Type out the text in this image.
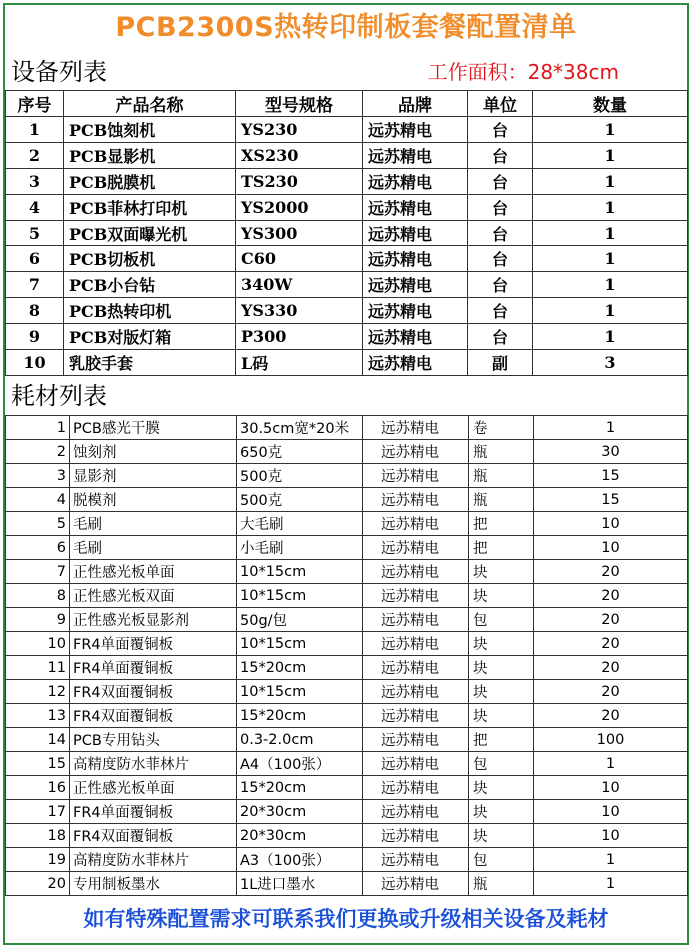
PCB2300S热转印制板套餐配置清单
设备列表	工作面积：28*38cm
序号	产品名称	型号规格	品牌	单位	数量
1	PCB蚀刻机	YS230	远苏精电	台	1
2	PCB显影机	XS230	远苏精电	台	1
3	PCB脱膜机	TS230	远苏精电	台	1
4	PCB菲林打印机	YS2000	远苏精电	台	1
5	PCB双面曝光机	YS300	远苏精电	台	1
6	PCB切板机	C60	远苏精电	台	1
7	PCB小台钻	340W	远苏精电	台	1
8	PCB热转印机	YS330	远苏精电	台	1
9	PCB对版灯箱	P300	远苏精电	台	1
10	乳胶手套	L码	远苏精电	副	3
耗材列表
1	PCB感光干膜	30.5cm宽*20米	远苏精电	卷	1
2	蚀刻剂	650克	远苏精电	瓶	30
3	显影剂	500克	远苏精电	瓶	15
4	脱模剂	500克	远苏精电	瓶	15
5	毛刷	大毛刷	远苏精电	把	10
6	毛刷	小毛刷	远苏精电	把	10
7	正性感光板单面	10*15cm	远苏精电	块	20
8	正性感光板双面	10*15cm	远苏精电	块	20
9	正性感光板显影剂	50g/包	远苏精电	包	20
10	FR4单面覆铜板	10*15cm	远苏精电	块	20
11	FR4单面覆铜板	15*20cm	远苏精电	块	20
12	FR4双面覆铜板	10*15cm	远苏精电	块	20
13	FR4双面覆铜板	15*20cm	远苏精电	块	20
14	PCB专用钻头	0.3-2.0cm	远苏精电	把	100
15	高精度防水菲林片	A4（100张）	远苏精电	包	1
16	正性感光板单面	15*20cm	远苏精电	块	10
17	FR4单面覆铜板	20*30cm	远苏精电	块	10
18	FR4双面覆铜板	20*30cm	远苏精电	块	10
19	高精度防水菲林片	A3（100张）	远苏精电	包	1
20	专用制板墨水	1L进口墨水	远苏精电	瓶	1
如有特殊配置需求可联系我们更换或升级相关设备及耗材
